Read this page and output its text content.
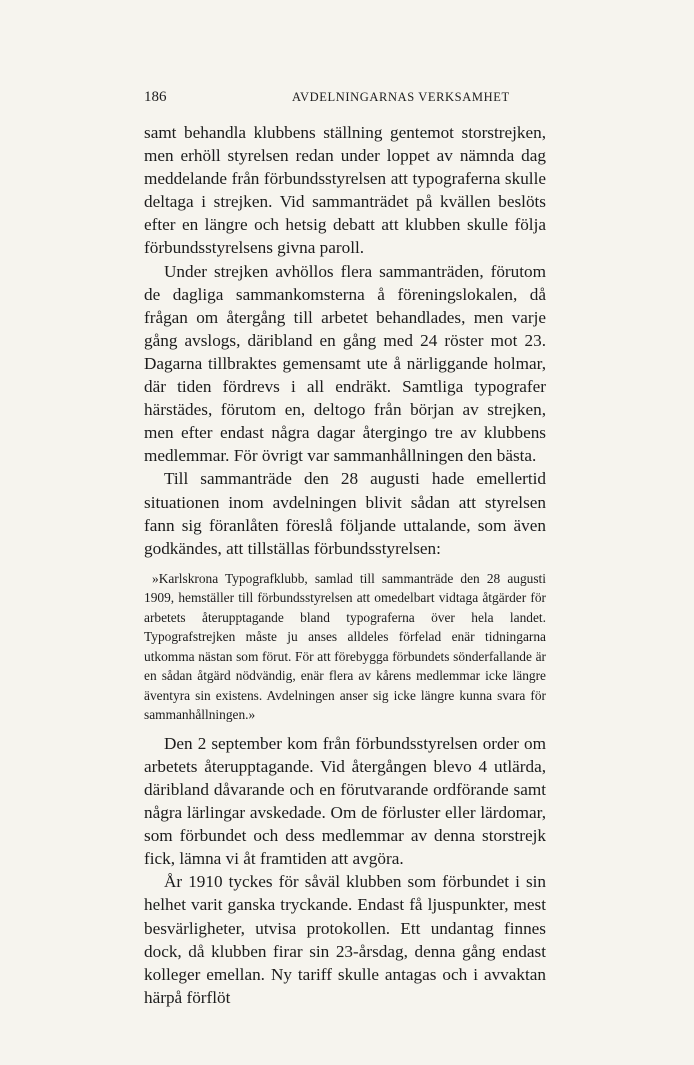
186	AVDELNINGARNAS VERKSAMHET

samt behandla klubbens ställning gentemot storstrejken, men erhöll styrelsen redan under loppet av nämnda dag meddelande från förbundsstyrelsen att typograferna skulle deltaga i strejken. Vid sammanträdet på kvällen beslöts efter en längre och hetsig debatt att klubben skulle följa förbundsstyrelsens givna paroll.

Under strejken avhöllos flera sammanträden, förutom de dagliga sammankomsterna å föreningslokalen, då frågan om återgång till arbetet behandlades, men varje gång avslogs, däribland en gång med 24 röster mot 23. Dagarna tillbraktes gemensamt ute å närliggande holmar, där tiden fördrevs i all endräkt. Samtliga typografer härstädes, förutom en, deltogo från början av strejken, men efter endast några dagar återgingo tre av klubbens medlemmar. För övrigt var sammanhållningen den bästa.

Till sammanträde den 28 augusti hade emellertid situationen inom avdelningen blivit sådan att styrelsen fann sig föranlåten föreslå följande uttalande, som även godkändes, att tillställas förbundsstyrelsen:

»Karlskrona Typografklubb, samlad till sammanträde den 28 augusti 1909, hemställer till förbundsstyrelsen att omedelbart vidtaga åtgärder för arbetets återupptagande bland typograferna över hela landet. Typografstrejken måste ju anses alldeles förfelad enär tidningarna utkomma nästan som förut. För att förebygga förbundets sönderfallande är en sådan åtgärd nödvändig, enär flera av kårens medlemmar icke längre äventyra sin existens. Avdelningen anser sig icke längre kunna svara för sammanhållningen.»

Den 2 september kom från förbundsstyrelsen order om arbetets återupptagande. Vid återgången blevo 4 utlärda, däribland dåvarande och en förutvarande ordförande samt några lärlingar avskedade. Om de förluster eller lärdomar, som förbundet och dess medlemmar av denna storstrejk fick, lämna vi åt framtiden att avgöra.

År 1910 tyckes för såväl klubben som förbundet i sin helhet varit ganska tryckande. Endast få ljuspunkter, mest besvärligheter, utvisa protokollen. Ett undantag finnes dock, då klubben firar sin 23-årsdag, denna gång endast kolleger emellan. Ny tariff skulle antagas och i avvaktan härpå förflöt
